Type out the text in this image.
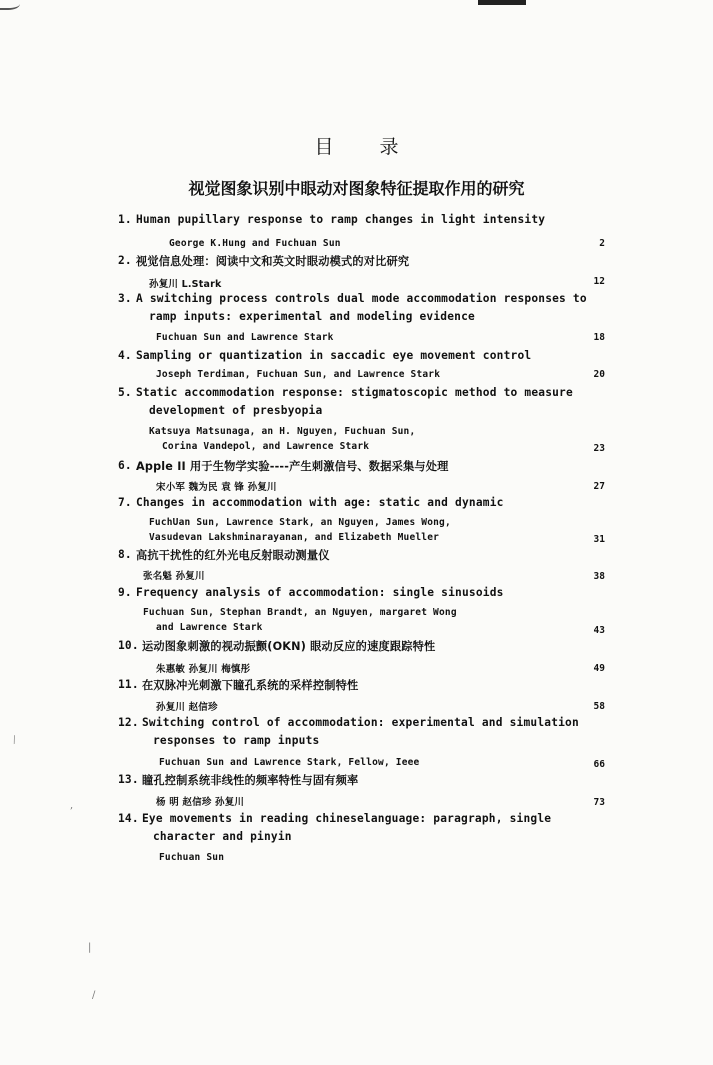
目 录
视觉图象识别中眼动对图象特征提取作用的研究
1. Human pupillary response to ramp changes in light intensity
George K.Hung and Fuchuan Sun	2
2. 视觉信息处理：阅读中文和英文时眼动模式的对比研究
孙复川 L.Stark	12
3. A switching process controls dual mode accommodation responses to
ramp inputs: experimental and modeling evidence
Fuchuan Sun and Lawrence Stark	18
4. Sampling or quantization in saccadic eye movement control
Joseph Terdiman, Fuchuan Sun, and Lawrence Stark	20
5. Static accommodation response: stigmatoscopic method to measure
development of presbyopia
Katsuya Matsunaga, an H. Nguyen, Fuchuan Sun,
Corina Vandepol, and Lawrence Stark	23
6. Apple II 用于生物学实验----产生刺激信号、数据采集与处理
宋小军 魏为民 袁 锋 孙复川	27
7. Changes in accommodation with age: static and dynamic
FuchUan Sun, Lawrence Stark, an Nguyen, James Wong,
Vasudevan Lakshminarayanan, and Elizabeth Mueller	31
8. 高抗干扰性的红外光电反射眼动测量仪
张名魁 孙复川	38
9. Frequency analysis of accommodation: single sinusoids
Fuchuan Sun, Stephan Brandt, an Nguyen, margaret Wong
and Lawrence Stark	43
10. 运动图象刺激的视动振颤(OKN) 眼动反应的速度跟踪特性
朱惠敏 孙复川 梅慎彤	49
11. 在双脉冲光刺激下瞳孔系统的采样控制特性
孙复川 赵信珍	58
12. Switching control of accommodation: experimental and simulation
responses to ramp inputs
Fuchuan Sun and Lawrence Stark, Fellow, Ieee	66
13. 瞳孔控制系统非线性的频率特性与固有频率
杨 明 赵信珍 孙复川	73
14. Eye movements in reading chineselanguage: paragraph, single
character and pinyin
Fuchuan Sun
⁄
,
|
/
